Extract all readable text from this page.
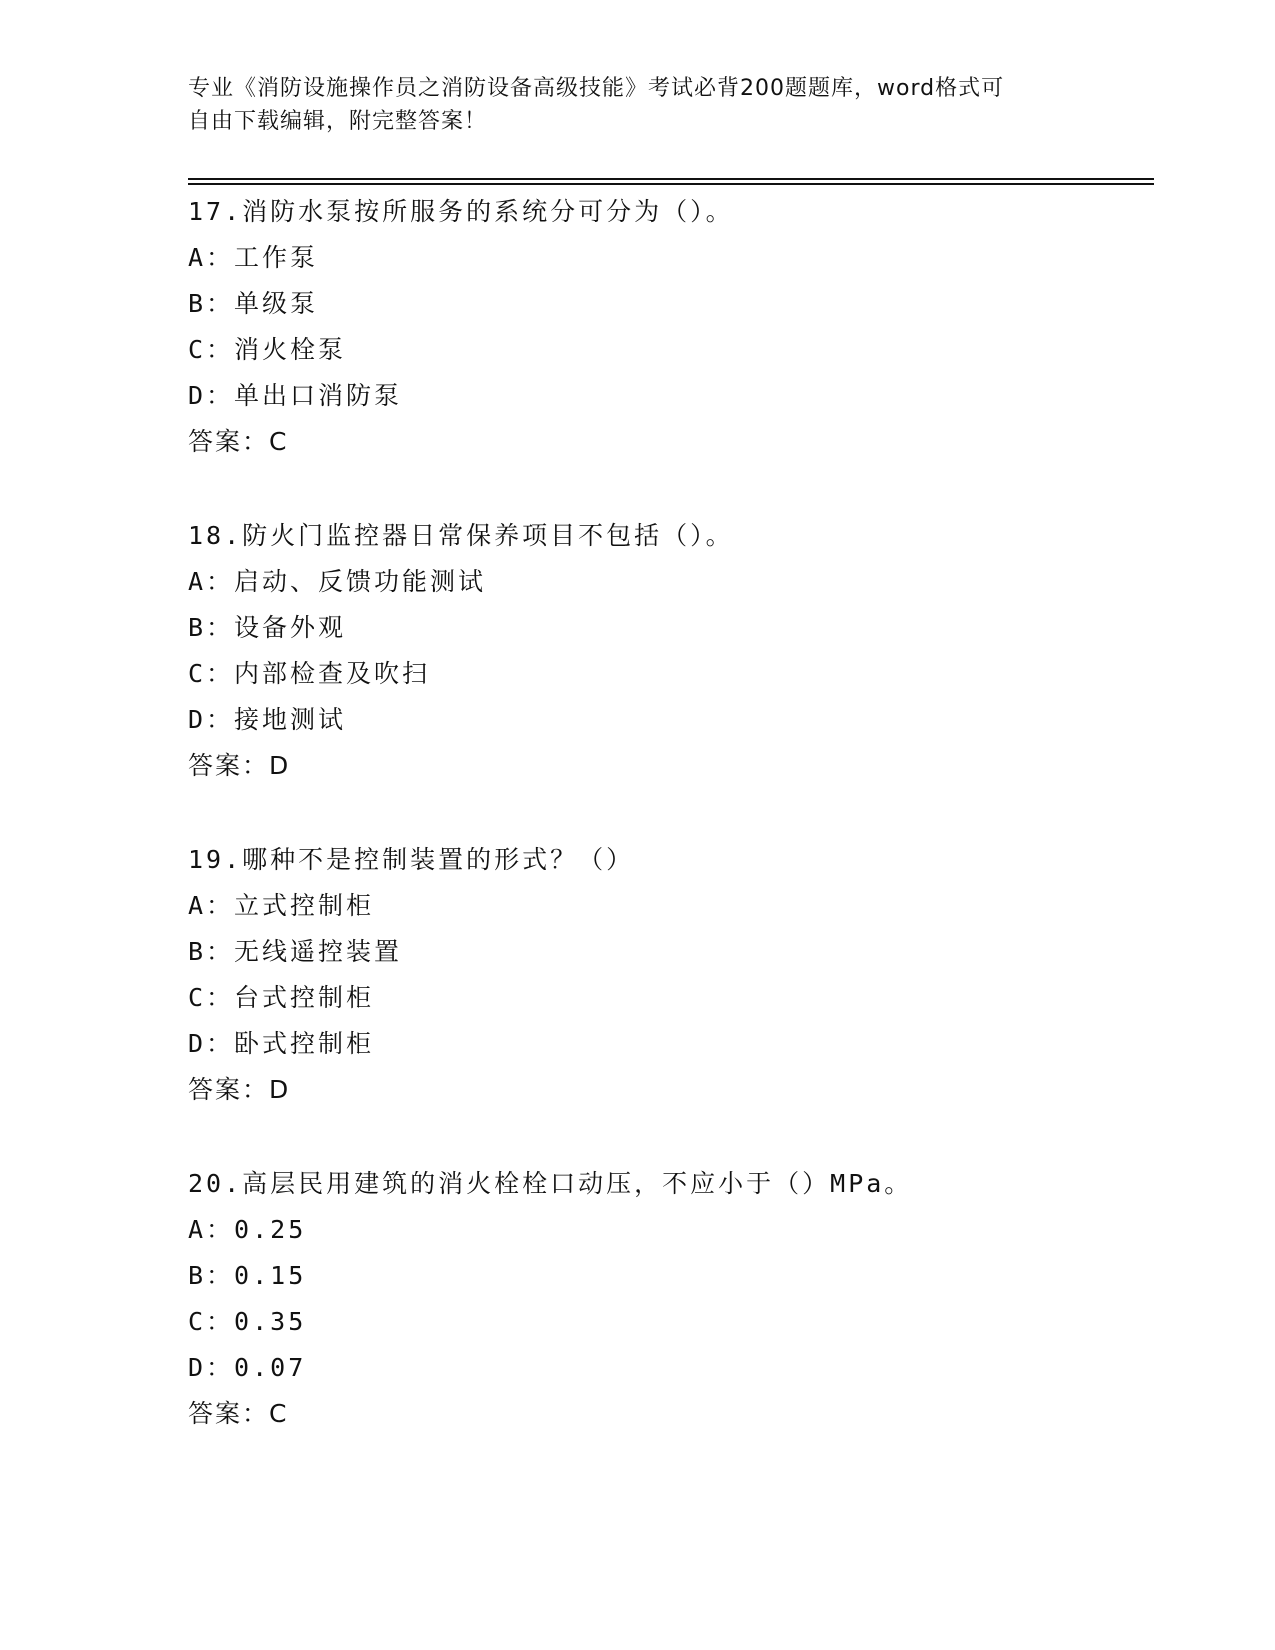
专业《消防设施操作员之消防设备高级技能》考试必背200题题库，word格式可
自由下载编辑，附完整答案！
17.消防水泵按所服务的系统分可分为（）。
A：工作泵
B：单级泵
C：消火栓泵
D：单出口消防泵
答案：C
18.防火门监控器日常保养项目不包括（）。
A：启动、反馈功能测试
B：设备外观
C：内部检查及吹扫
D：接地测试
答案：D
19.哪种不是控制装置的形式？（）
A：立式控制柜
B：无线遥控装置
C：台式控制柜
D：卧式控制柜
答案：D
20.高层民用建筑的消火栓栓口动压，不应小于（）MPa。
A：0.25
B：0.15
C：0.35
D：0.07
答案：C
